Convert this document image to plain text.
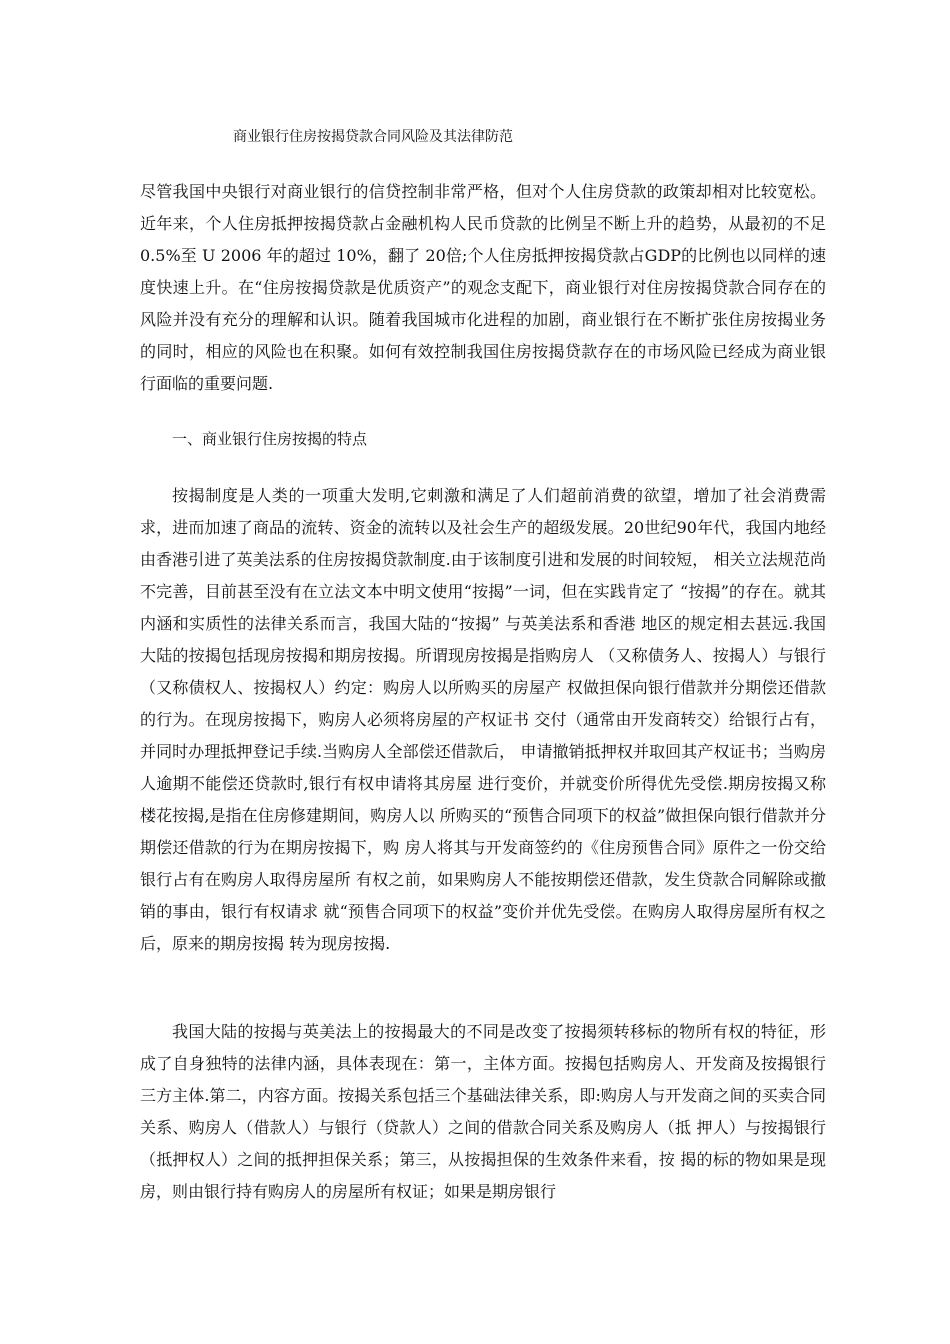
商业银行住房按揭贷款合同风险及其法律防范

尽管我国中央银行对商业银行的信贷控制非常严格，但对个人住房贷款的政策却相对比较宽松。近年来，个人住房抵押按揭贷款占金融机构人民币贷款的比例呈不断上升的趋势，从最初的不足 0.5%至 U 2006 年的超过 10%，翻了 20倍;个人住房抵押按揭贷款占GDP的比例也以同样的速度快速上升。在“住房按揭贷款是优质资产”的观念支配下，商业银行对住房按揭贷款合同存在的风险并没有充分的理解和认识。随着我国城市化进程的加剧，商业银行在不断扩张住房按揭业务的同时，相应的风险也在积聚。如何有效控制我国住房按揭贷款存在的市场风险已经成为商业银行面临的重要问题.

一、商业银行住房按揭的特点

按揭制度是人类的一项重大发明,它刺激和满足了人们超前消费的欲望，增加了社会消费需求，进而加速了商品的流转、资金的流转以及社会生产的超级发展。20世纪90年代，我国内地经由香港引进了英美法系的住房按揭贷款制度.由于该制度引进和发展的时间较短， 相关立法规范尚不完善，目前甚至没有在立法文本中明文使用“按揭”一词，但在实践肯定了 “按揭”的存在。就其内涵和实质性的法律关系而言，我国大陆的“按揭” 与英美法系和香港 地区的规定相去甚远.我国大陆的按揭包括现房按揭和期房按揭。所谓现房按揭是指购房人 （又称债务人、按揭人）与银行（又称债权人、按揭权人）约定：购房人以所购买的房屋产 权做担保向银行借款并分期偿还借款的行为。在现房按揭下，购房人必须将房屋的产权证书 交付（通常由开发商转交）给银行占有，并同时办理抵押登记手续.当购房人全部偿还借款后， 申请撤销抵押权并取回其产权证书；当购房人逾期不能偿还贷款时,银行有权申请将其房屋 进行变价，并就变价所得优先受偿.期房按揭又称楼花按揭,是指在住房修建期间，购房人以 所购买的“预售合同项下的权益”做担保向银行借款并分期偿还借款的行为在期房按揭下，购 房人将其与开发商签约的《住房预售合同》原件之一份交给银行占有在购房人取得房屋所 有权之前，如果购房人不能按期偿还借款，发生贷款合同解除或撤销的事由，银行有权请求 就“预售合同项下的权益”变价并优先受偿。在购房人取得房屋所有权之后，原来的期房按揭 转为现房按揭.

我国大陆的按揭与英美法上的按揭最大的不同是改变了按揭须转移标的物所有权的特征，形成了自身独特的法律内涵，具体表现在：第一，主体方面。按揭包括购房人、开发商及按揭银行三方主体.第二，内容方面。按揭关系包括三个基础法律关系，即:购房人与开发商之间的买卖合同关系、购房人（借款人）与银行（贷款人）之间的借款合同关系及购房人（抵 押人）与按揭银行（抵押权人）之间的抵押担保关系；第三，从按揭担保的生效条件来看，按 揭的标的物如果是现房，则由银行持有购房人的房屋所有权证；如果是期房银行
